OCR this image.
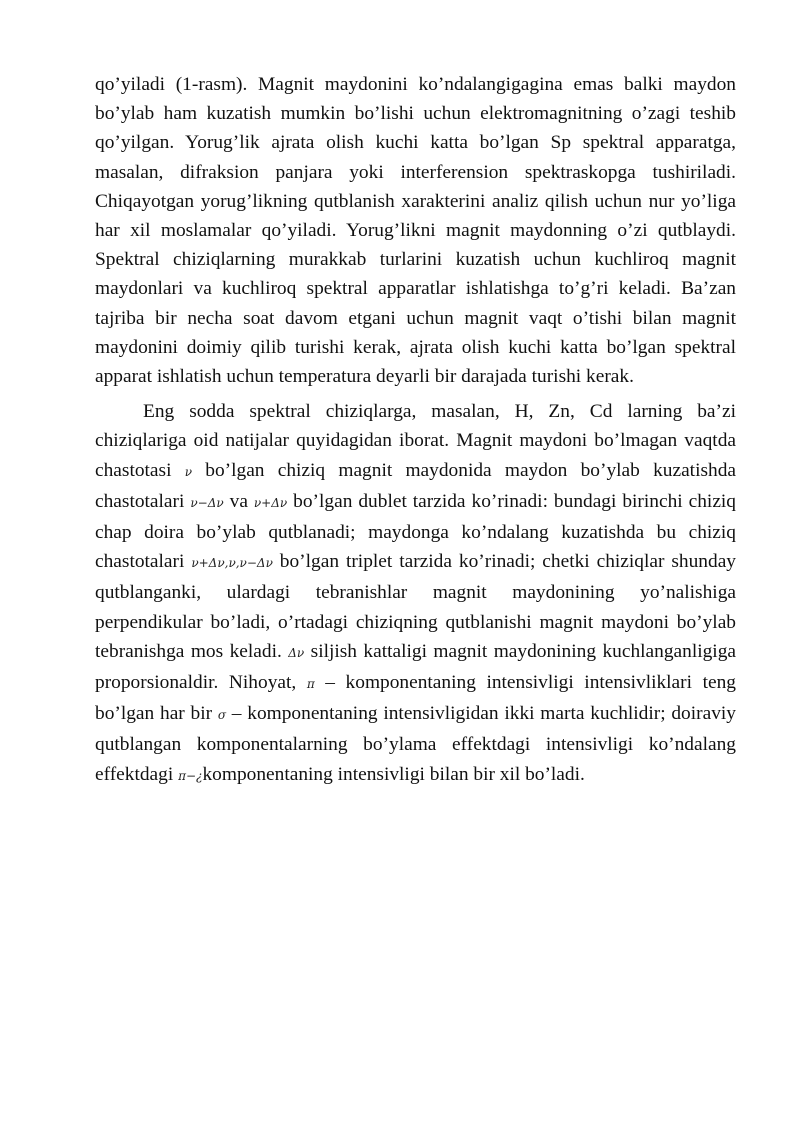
qo’yiladi (1-rasm). Magnit maydonini ko’ndalangigagina emas balki maydon bo’ylab ham kuzatish mumkin bo’lishi uchun elektromagnitning o’zagi teshib qo’yilgan. Yorug’lik ajrata olish kuchi katta bo’lgan Sp spektral apparatga, masalan, difraksion panjara yoki interferension spektraskopga tushiriladi. Chiqayotgan yorug’likning qutblanish xarakterini analiz qilish uchun nur yo’liga har xil moslamalar qo’yiladi. Yorug’likni magnit maydonning o’zi qutblaydi. Spektral chiziqlarning murakkab turlarini kuzatish uchun kuchliroq magnit maydonlari va kuchliroq spektral apparatlar ishlatishga to’g’ri keladi. Ba’zan tajriba bir necha soat davom etgani uchun magnit vaqt o’tishi bilan magnit maydonini doimiy qilib turishi kerak, ajrata olish kuchi katta bo’lgan spektral apparat ishlatish uchun temperatura deyarli bir darajada turishi kerak.

Eng sodda spektral chiziqlarga, masalan, H, Zn, Cd larning ba’zi chiziqlariga oid natijalar quyidagidan iborat. Magnit maydoni bo’lmagan vaqtda chastotasi ν bo’lgan chiziq magnit maydonida maydon bo’ylab kuzatishda chastotalari ν−Δν va ν+Δν bo’lgan dublet tarzida ko’rinadi: bundagi birinchi chiziq chap doira bo’ylab qutblanadi; maydonga ko’ndalang kuzatishda bu chiziq chastotalari ν+Δν,ν,ν−Δν bo’lgan triplet tarzida ko’rinadi; chetki chiziqlar shunday qutblanganki, ulardagi tebranishlar magnit maydonining yo’nalishiga perpendikular bo’ladi, o’rtadagi chiziqning qutblanishi magnit maydoni bo’ylab tebranishga mos keladi. Δν siljish kattaligi magnit maydonining kuchlanganligiga proporsionaldir. Nihoyat, π – komponentaning intensivligi intensivliklari teng bo’lgan har bir σ – komponentaning intensivligidan ikki marta kuchlidir; doiraviy qutblangan komponentalarning bo’ylama effektdagi intensivligi ko’ndalang effektdagi π−¿komponentaning intensivligi bilan bir xil bo’ladi.
